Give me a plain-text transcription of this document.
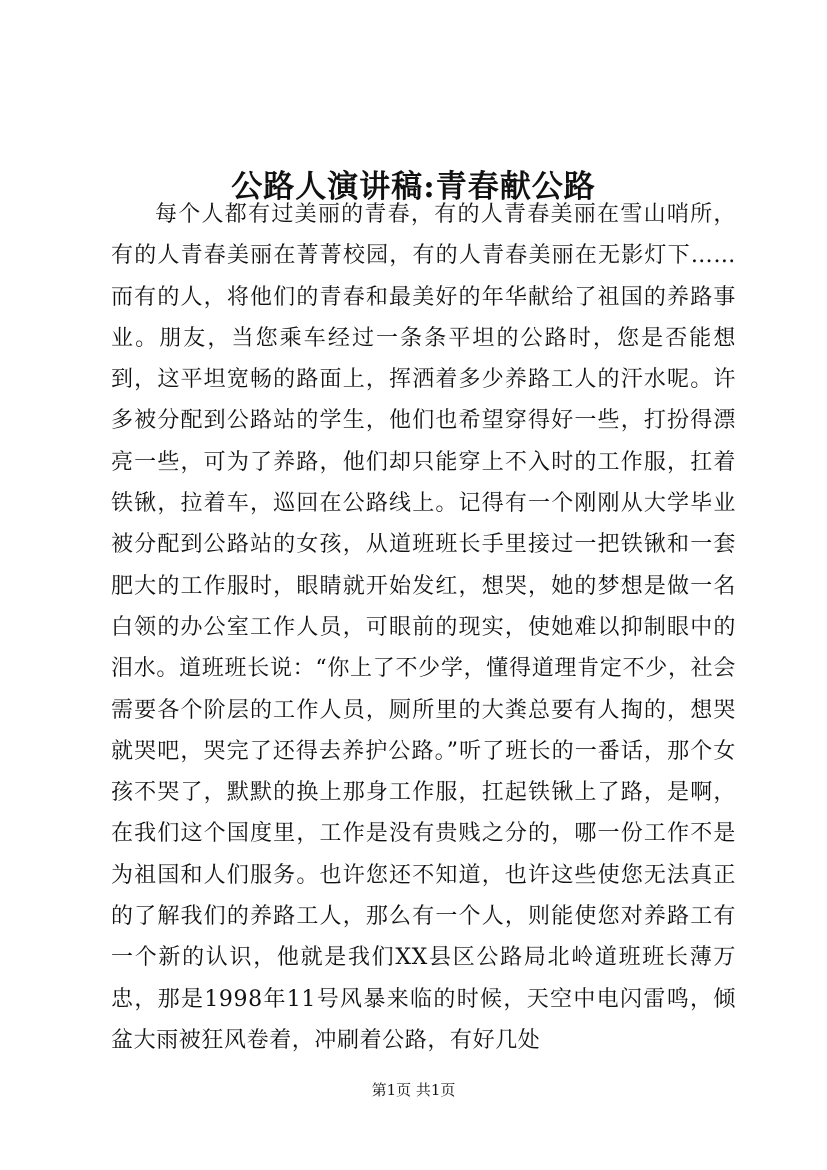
公路人演讲稿:青春献公路

每个人都有过美丽的青春，有的人青春美丽在雪山哨所，有的人青春美丽在菁菁校园，有的人青春美丽在无影灯下……而有的人，将他们的青春和最美好的年华献给了祖国的养路事业。朋友，当您乘车经过一条条平坦的公路时，您是否能想到，这平坦宽畅的路面上，挥洒着多少养路工人的汗水呢。许多被分配到公路站的学生，他们也希望穿得好一些，打扮得漂亮一些，可为了养路，他们却只能穿上不入时的工作服，扛着铁锹，拉着车，巡回在公路线上。记得有一个刚刚从大学毕业被分配到公路站的女孩，从道班班长手里接过一把铁锹和一套肥大的工作服时，眼睛就开始发红，想哭，她的梦想是做一名白领的办公室工作人员，可眼前的现实，使她难以抑制眼中的泪水。道班班长说：“你上了不少学，懂得道理肯定不少，社会需要各个阶层的工作人员，厕所里的大粪总要有人掏的，想哭就哭吧，哭完了还得去养护公路。”听了班长的一番话，那个女孩不哭了，默默的换上那身工作服，扛起铁锹上了路，是啊，在我们这个国度里，工作是没有贵贱之分的，哪一份工作不是为祖国和人们服务。也许您还不知道，也许这些使您无法真正的了解我们的养路工人，那么有一个人，则能使您对养路工有一个新的认识，他就是我们XX县区公路局北岭道班班长薄万忠，那是1998年11号风暴来临的时候，天空中电闪雷鸣，倾盆大雨被狂风卷着，冲刷着公路，有好几处

第1页 共1页
